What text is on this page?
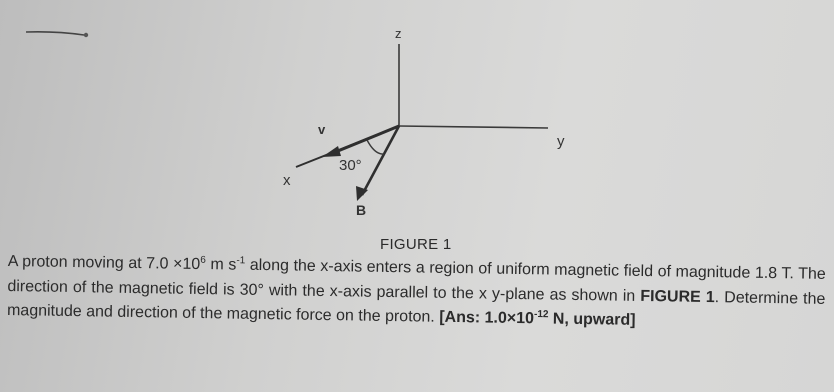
z
y
x
v
30°
B
FIGURE 1

A proton moving at $7.0 \times 10^6$ m $s^{-1}$ along the x-axis enters a region of uniform magnetic field of magnitude 1.8 T. The direction of the magnetic field is 30° with the x-axis parallel to the x y-plane as shown in FIGURE 1. Determine the magnitude and direction of the magnetic force on the proton. [Ans: $1.0\times 10^{-12}$ N, upward]
